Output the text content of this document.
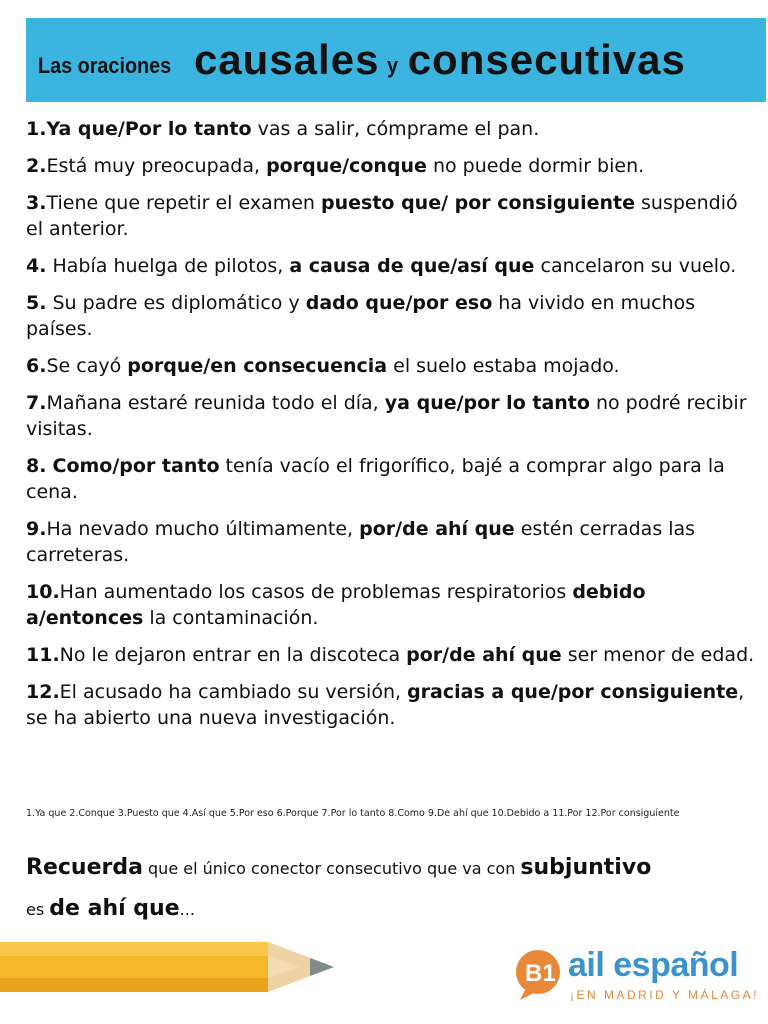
Las oraciones causales y consecutivas
1.Ya que/Por lo tanto vas a salir, cómprame el pan.
2.Está muy preocupada, porque/conque no puede dormir bien.
3.Tiene que repetir el examen puesto que/ por consiguiente suspendió el anterior.
4. Había huelga de pilotos, a causa de que/así que cancelaron su vuelo.
5. Su padre es diplomático y dado que/por eso ha vivido en muchos países.
6.Se cayó porque/en consecuencia el suelo estaba mojado.
7.Mañana estaré reunida todo el día, ya que/por lo tanto no podré recibir visitas.
8. Como/por tanto tenía vacío el frigorífico, bajé a comprar algo para la cena.
9.Ha nevado mucho últimamente, por/de ahí que estén cerradas las carreteras.
10.Han aumentado los casos de problemas respiratorios debido a/entonces la contaminación.
11.No le dejaron entrar en la discoteca por/de ahí que ser menor de edad.
12.El acusado ha cambiado su versión, gracias a que/por consiguiente, se ha abierto una nueva investigación.
1.Ya que 2.Conque 3.Puesto que 4.Así que 5.Por eso 6.Porque 7.Por lo tanto 8.Como 9.De ahí que 10.Debido a 11.Por 12.Por consiguiente
Recuerda que el único conector consecutivo que va con subjuntivo
es de ahí que...
B1 ail español
¡EN MADRID Y MÁLAGA!
